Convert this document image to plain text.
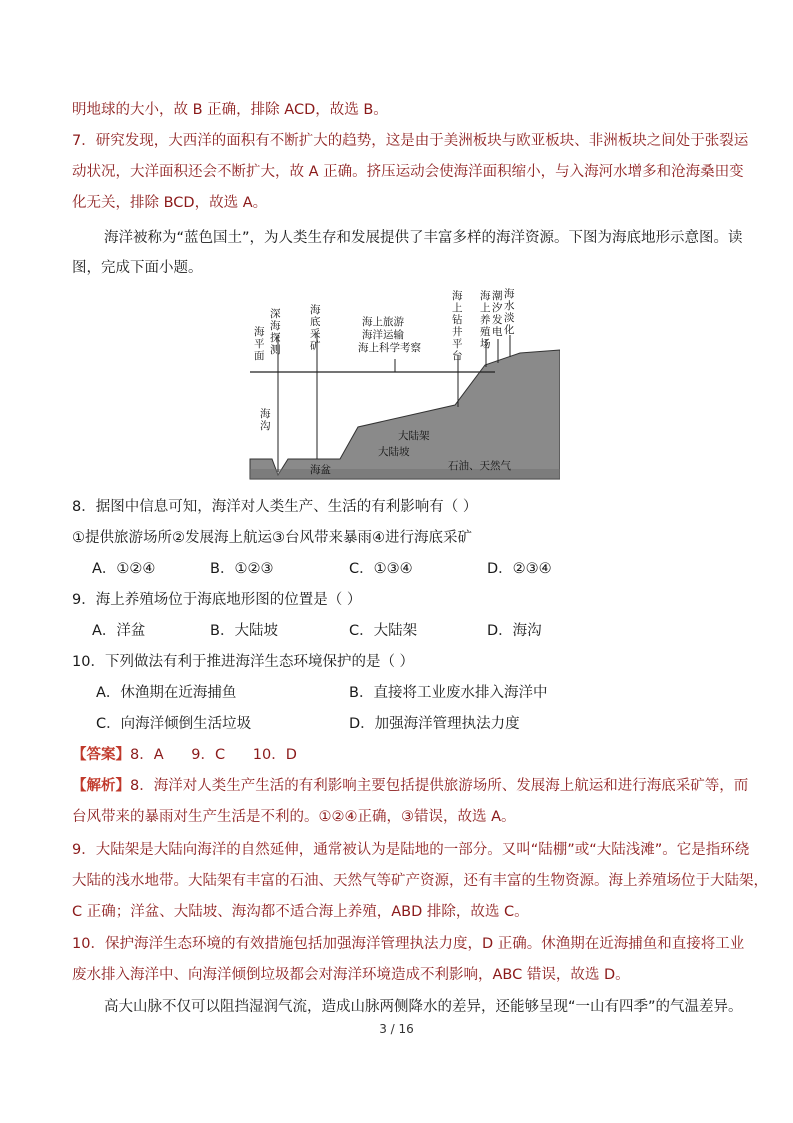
明地球的大小，故 B 正确，排除 ACD，故选 B。
7．研究发现，大西洋的面积有不断扩大的趋势，这是由于美洲板块与欧亚板块、非洲板块之间处于张裂运
动状况，大洋面积还会不断扩大，故 A 正确。挤压运动会使海洋面积缩小，与入海河水增多和沧海桑田变
化无关，排除 BCD，故选 A。
海洋被称为“蓝色国土”，为人类生存和发展提供了丰富多样的海洋资源。下图为海底地形示意图。读
图，完成下面小题。
海平面
深海探测
海底采矿
海沟
海上钻井平台
海上养殖场
潮汐发电
海水淡化
海上旅游
海洋运输
海上科学考察
大陆架
大陆坡
海盆	石油、天然气
8．据图中信息可知，海洋对人类生产、生活的有利影响有（ ）
①提供旅游场所②发展海上航运③台风带来暴雨④进行海底采矿
A．①②④	B．①②③	C．①③④	D．②③④
9．海上养殖场位于海底地形图的位置是（ ）
A．洋盆	B．大陆坡	C．大陆架	D．海沟
10．下列做法有利于推进海洋生态环境保护的是（ ）
A．休渔期在近海捕鱼	B．直接将工业废水排入海洋中
C．向海洋倾倒生活垃圾	D．加强海洋管理执法力度
【答案】8．A      9．C      10．D
【解析】8．海洋对人类生产生活的有利影响主要包括提供旅游场所、发展海上航运和进行海底采矿等，而
台风带来的暴雨对生产生活是不利的。①②④正确，③错误，故选 A。
9．大陆架是大陆向海洋的自然延伸，通常被认为是陆地的一部分。又叫“陆棚”或“大陆浅滩”。它是指环绕
大陆的浅水地带。大陆架有丰富的石油、天然气等矿产资源，还有丰富的生物资源。海上养殖场位于大陆架，
C 正确；洋盆、大陆坡、海沟都不适合海上养殖，ABD 排除，故选 C。
10．保护海洋生态环境的有效措施包括加强海洋管理执法力度，D 正确。休渔期在近海捕鱼和直接将工业
废水排入海洋中、向海洋倾倒垃圾都会对海洋环境造成不利影响，ABC 错误，故选 D。
高大山脉不仅可以阻挡湿润气流，造成山脉两侧降水的差异，还能够呈现“一山有四季”的气温差异。
3 / 16
